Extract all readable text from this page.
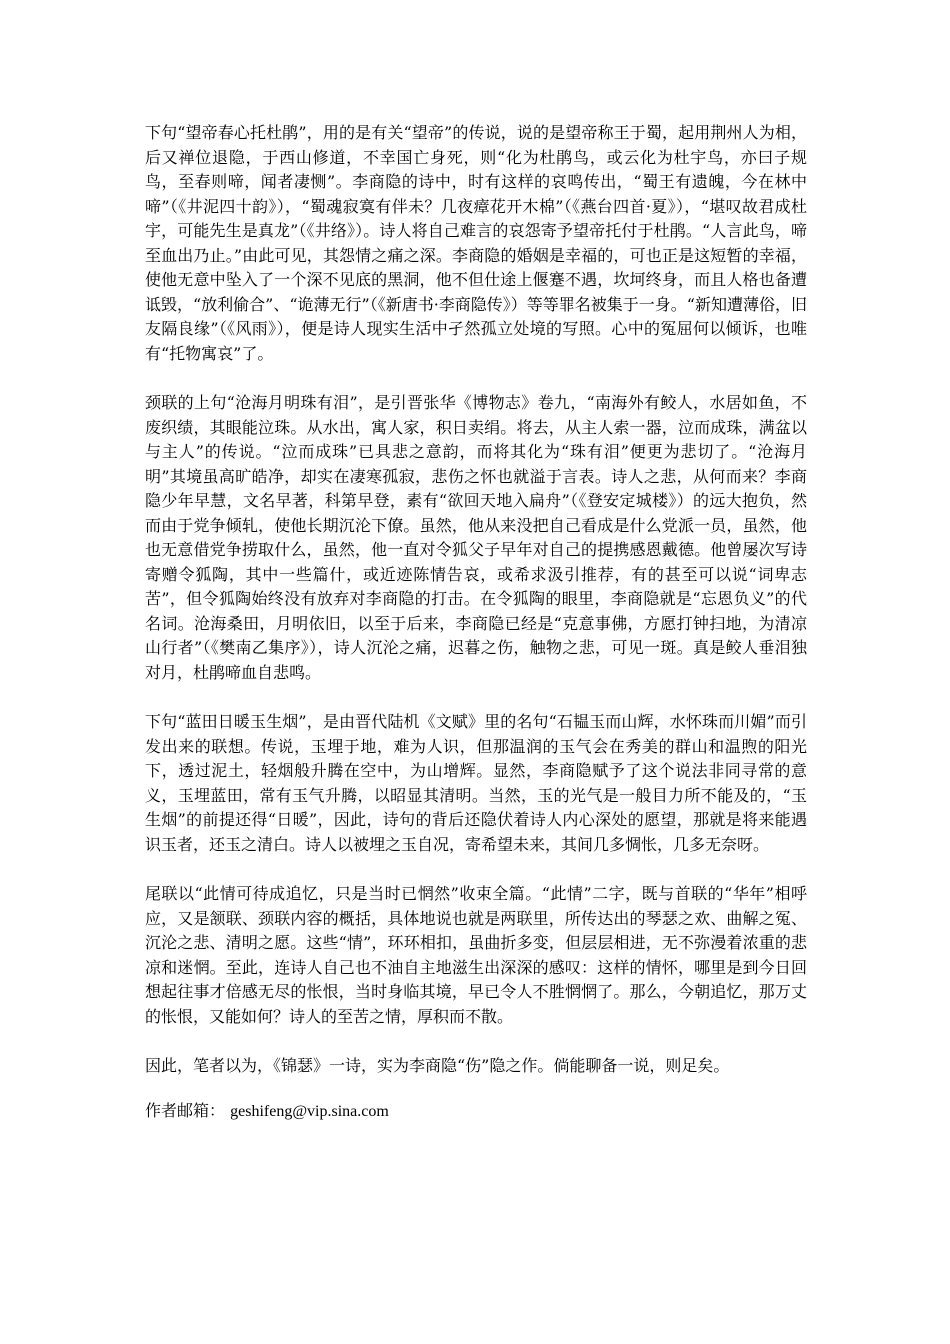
下句“望帝春心托杜鹃”，用的是有关“望帝”的传说，说的是望帝称王于蜀，起用荆州人为相，后又禅位退隐，于西山修道，不幸国亡身死，则“化为杜鹃鸟，或云化为杜宇鸟，亦曰子规鸟，至春则啼，闻者凄恻”。李商隐的诗中，时有这样的哀鸣传出，“蜀王有遗魄，今在林中啼”（《井泥四十韵》），“蜀魂寂寞有伴未？几夜瘴花开木棉”（《燕台四首·夏》），“堪叹故君成杜宇，可能先生是真龙”（《井络》）。诗人将自己难言的哀怨寄予望帝托付于杜鹃。“人言此鸟，啼至血出乃止。”由此可见，其怨情之痛之深。李商隐的婚姻是幸福的，可也正是这短暂的幸福，使他无意中坠入了一个深不见底的黑洞，他不但仕途上偃蹇不遇，坎坷终身，而且人格也备遭诋毁，“放利偷合”、“诡薄无行”（《新唐书·李商隐传》）等等罪名被集于一身。“新知遭薄俗，旧友隔良缘”（《风雨》），便是诗人现实生活中孑然孤立处境的写照。心中的冤屈何以倾诉，也唯有“托物寓哀”了。

颈联的上句“沧海月明珠有泪”，是引晋张华《博物志》卷九，“南海外有鲛人，水居如鱼，不废织绩，其眼能泣珠。从水出，寓人家，积日卖绢。将去，从主人索一器，泣而成珠，满盆以与主人”的传说。“泣而成珠”已具悲之意韵，而将其化为“珠有泪”便更为悲切了。“沧海月明”其境虽高旷皓净，却实在凄寒孤寂，悲伤之怀也就溢于言表。诗人之悲，从何而来？李商隐少年早慧，文名早著，科第早登，素有“欲回天地入扁舟”（《登安定城楼》）的远大抱负，然而由于党争倾轧，使他长期沉沦下僚。虽然，他从来没把自己看成是什么党派一员，虽然，他也无意借党争捞取什么，虽然，他一直对令狐父子早年对自己的提携感恩戴德。他曾屡次写诗寄赠令狐陶，其中一些篇什，或近迹陈情告哀，或希求汲引推荐，有的甚至可以说“词卑志苦”，但令狐陶始终没有放弃对李商隐的打击。在令狐陶的眼里，李商隐就是“忘恩负义”的代名词。沧海桑田，月明依旧，以至于后来，李商隐已经是“克意事佛，方愿打钟扫地，为清凉山行者”（《樊南乙集序》），诗人沉沦之痛，迟暮之伤，触物之悲，可见一斑。真是鲛人垂泪独对月，杜鹃啼血自悲鸣。

下句“蓝田日暖玉生烟”，是由晋代陆机《文赋》里的名句“石韫玉而山辉，水怀珠而川媚”而引发出来的联想。传说，玉埋于地，难为人识，但那温润的玉气会在秀美的群山和温煦的阳光下，透过泥土，轻烟般升腾在空中，为山增辉。显然，李商隐赋予了这个说法非同寻常的意义，玉埋蓝田，常有玉气升腾，以昭显其清明。当然，玉的光气是一般目力所不能及的，“玉生烟”的前提还得“日暖”，因此，诗句的背后还隐伏着诗人内心深处的愿望，那就是将来能遇识玉者，还玉之清白。诗人以被埋之玉自况，寄希望未来，其间几多惆怅，几多无奈呀。

尾联以“此情可待成追忆，只是当时已惘然”收束全篇。“此情”二字，既与首联的“华年”相呼应，又是颔联、颈联内容的概括，具体地说也就是两联里，所传达出的琴瑟之欢、曲解之冤、沉沦之悲、清明之愿。这些“情”，环环相扣，虽曲折多变，但层层相进，无不弥漫着浓重的悲凉和迷惘。至此，连诗人自己也不油自主地滋生出深深的感叹：这样的情怀，哪里是到今日回想起往事才倍感无尽的怅恨，当时身临其境，早已令人不胜惘惘了。那么，今朝追忆，那万丈的怅恨，又能如何？诗人的至苦之情，厚积而不散。

因此，笔者以为，《锦瑟》一诗，实为李商隐“伤”隐之作。倘能聊备一说，则足矣。

作者邮箱： geshifeng@vip.sina.com
